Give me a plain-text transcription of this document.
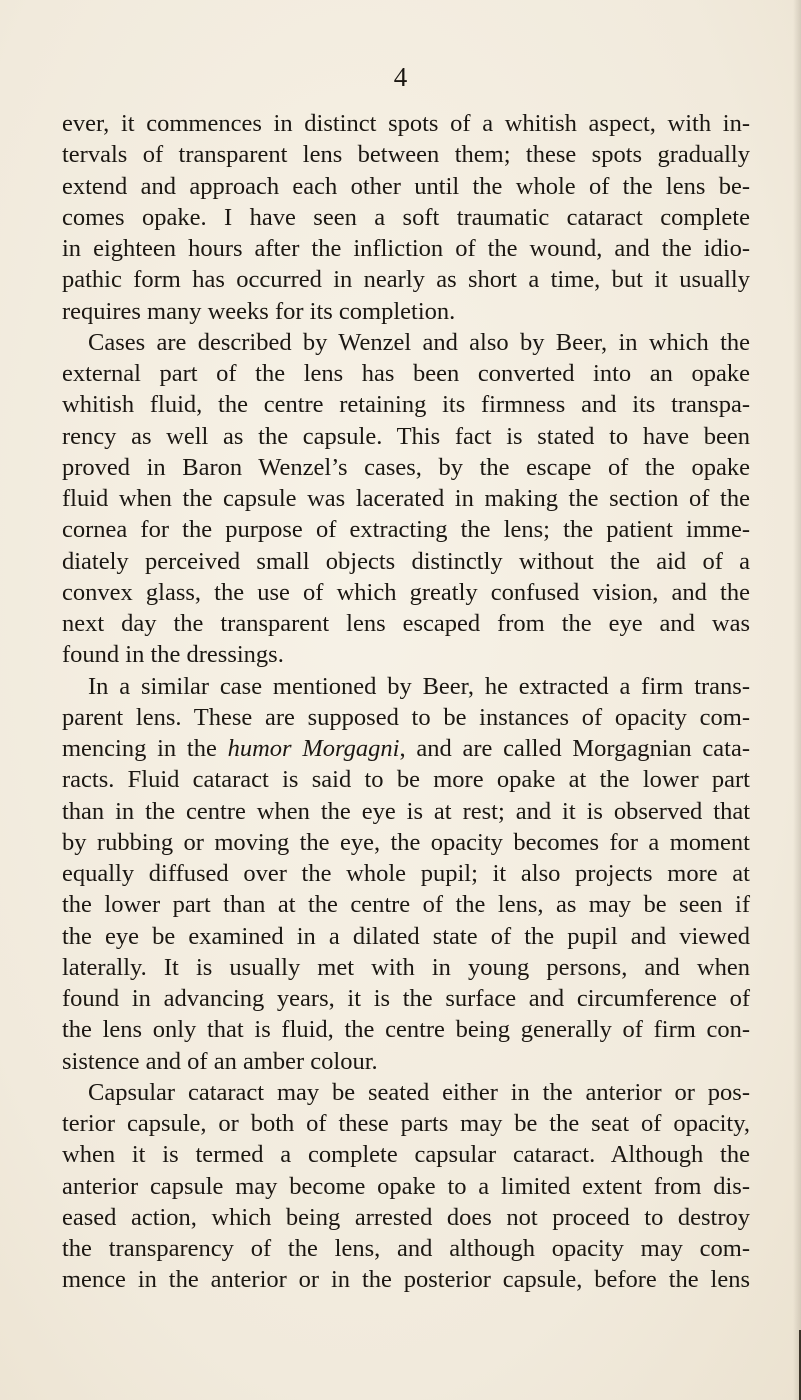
4
ever, it commences in distinct spots of a whitish aspect, with in-
tervals of transparent lens between them; these spots gradually
extend and approach each other until the whole of the lens be-
comes opake. I have seen a soft traumatic cataract complete
in eighteen hours after the infliction of the wound, and the idio-
pathic form has occurred in nearly as short a time, but it usually
requires many weeks for its completion.
Cases are described by Wenzel and also by Beer, in which the
external part of the lens has been converted into an opake
whitish fluid, the centre retaining its firmness and its transpa-
rency as well as the capsule. This fact is stated to have been
proved in Baron Wenzel’s cases, by the escape of the opake
fluid when the capsule was lacerated in making the section of the
cornea for the purpose of extracting the lens; the patient imme-
diately perceived small objects distinctly without the aid of a
convex glass, the use of which greatly confused vision, and the
next day the transparent lens escaped from the eye and was
found in the dressings.
In a similar case mentioned by Beer, he extracted a firm trans-
parent lens. These are supposed to be instances of opacity com-
mencing in the humor Morgagni, and are called Morgagnian cata-
racts. Fluid cataract is said to be more opake at the lower part
than in the centre when the eye is at rest; and it is observed that
by rubbing or moving the eye, the opacity becomes for a moment
equally diffused over the whole pupil; it also projects more at
the lower part than at the centre of the lens, as may be seen if
the eye be examined in a dilated state of the pupil and viewed
laterally. It is usually met with in young persons, and when
found in advancing years, it is the surface and circumference of
the lens only that is fluid, the centre being generally of firm con-
sistence and of an amber colour.
Capsular cataract may be seated either in the anterior or pos-
terior capsule, or both of these parts may be the seat of opacity,
when it is termed a complete capsular cataract. Although the
anterior capsule may become opake to a limited extent from dis-
eased action, which being arrested does not proceed to destroy
the transparency of the lens, and although opacity may com-
mence in the anterior or in the posterior capsule, before the lens
